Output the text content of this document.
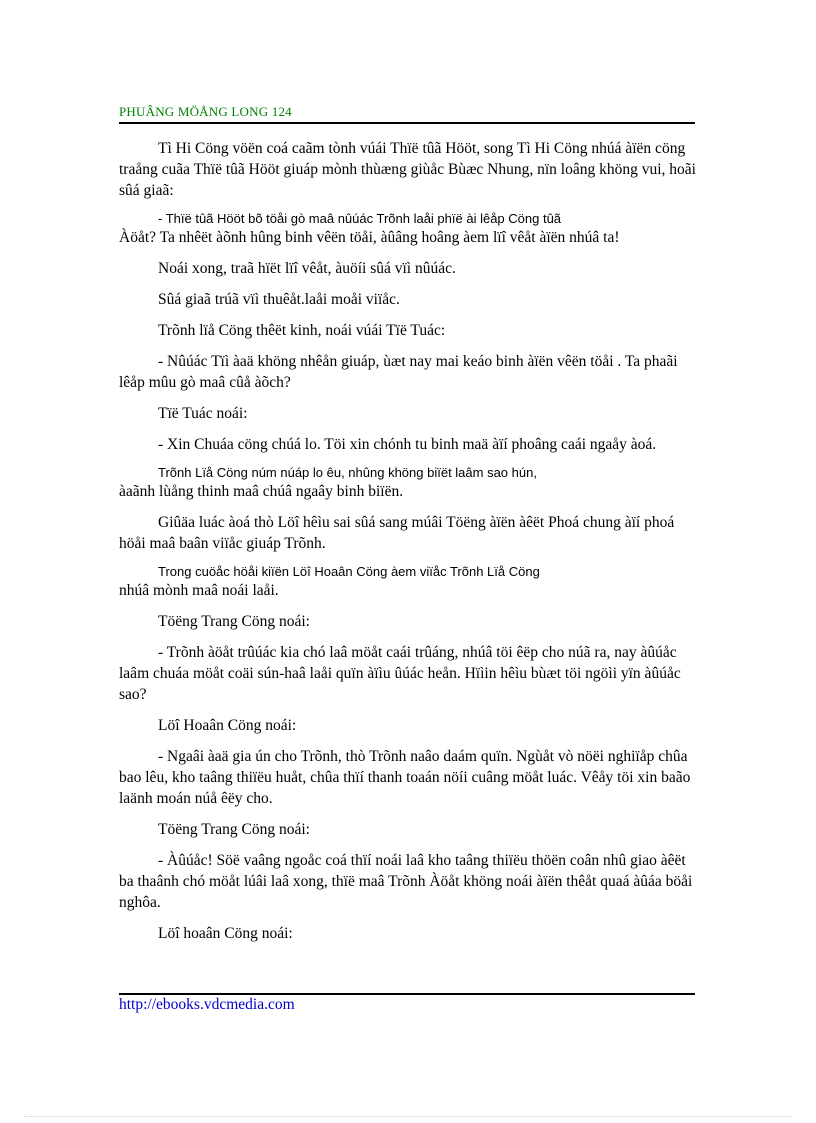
PHUÂNG MÖÅNG LONG 124

Tì Hi Cöng vöën coá caãm tònh vúái Thïë tûã Hööt, song Tì Hi Cöng nhúá àïën cöng traång cuãa Thïë tûã Hööt giuáp mònh thùæng giùåc Bùæc Nhung, nïn loâng khöng vui, hoãi sûá giaã:

- Thïë tûã Hööt bõ töåi gò maâ nûúác Trõnh laåi phïë ài lêåp Cöng tûã

Àöåt? Ta nhêët àõnh hûng binh vêën töåi, àûâng hoâng àem lïî vêåt àïën nhúâ ta!

Noái xong, traã hïët lïî vêåt, àuöíi sûá vïì nûúác.

Sûá giaã trúã vïì thuêåt.laåi moåi viïåc.

Trõnh lïå Cöng thêët kinh, noái vúái Tïë Tuác:

- Nûúác Tïì àaä khöng nhêån giuáp, ùæt nay mai keáo binh àïën vêën töåi . Ta phaãi lêåp mûu gò maâ cûå àõch?

Tïë Tuác noái:

- Xin Chuáa cöng chúá lo. Töi xin chónh tu binh maä àïí phoâng caái ngaåy àoá.

Trõnh Lïå Cöng núm núáp lo êu, nhûng khöng biïët laâm sao hún,

àaãnh lùång thinh maâ chúâ ngaây binh biïën.

Giûäa luác àoá thò Löî hêìu sai sûá sang múâi Töëng àïën àêët Phoá chung àïí phoá höåi maâ baân viïåc giuáp Trõnh.

Trong cuöåc höåi kiïën Löî Hoaân Cöng àem viïåc Trõnh Lïå Cöng

nhúâ mònh maâ noái laåi.

Töëng Trang Cöng noái:

- Trõnh àöåt trûúác kia chó laâ möåt caái trûáng, nhúâ töi êëp cho núã ra, nay àûúåc laâm chuáa möåt coäi sún-haâ laåi quïn àïìu ûúác heån. Hïìin hêìu bùæt töi ngöìi yïn àûúåc sao?

Löî Hoaân Cöng noái:

- Ngaâi àaä gia ún cho Trõnh, thò Trõnh naâo daám quïn. Ngùåt vò nöëi nghiïåp chûa bao lêu, kho taâng thiïëu huåt, chûa thïí thanh toaán nöíi cuâng möåt luác. Vêåy töi xin baão laänh moán núå êëy cho.

Töëng Trang Cöng noái:

- Àûúåc! Söë vaâng ngoåc coá thïí noái laâ kho taâng thiïëu thöën coân nhû giao àêët ba thaânh chó möåt lúâi laâ xong, thïë maâ Trõnh Àöåt khöng noái àïën thêåt quaá àûáa böåi nghôa.

Löî hoaân Cöng noái:

http://ebooks.vdcmedia.com
